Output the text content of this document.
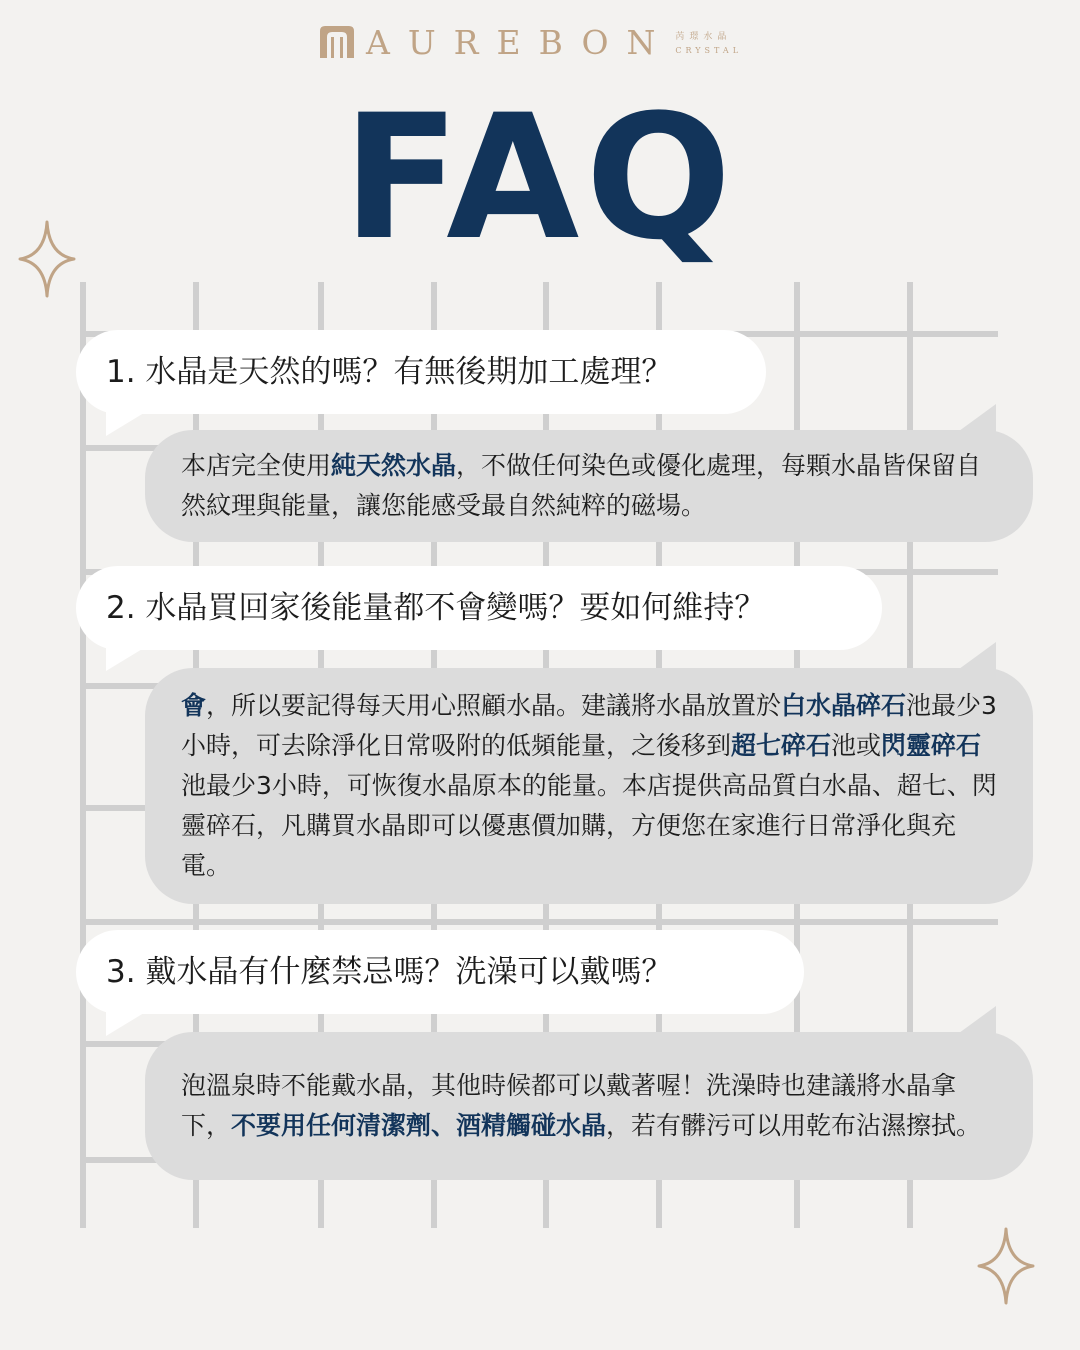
AUREBON 芮璟水晶
CRYSTAL
FAQ
1. 水晶是天然的嗎？有無後期加工處理？

本店完全使用純天然水晶，不做任何染色或優化處理，每顆水晶皆保留自然紋理與能量，讓您能感受最自然純粹的磁場。

2. 水晶買回家後能量都不會變嗎？要如何維持？

會，所以要記得每天用心照顧水晶。建議將水晶放置於白水晶碎石池最少3小時，可去除淨化日常吸附的低頻能量，之後移到超七碎石池或閃靈碎石池最少3小時，可恢復水晶原本的能量。本店提供高品質白水晶、超七、閃靈碎石，凡購買水晶即可以優惠價加購，方便您在家進行日常淨化與充電。

3. 戴水晶有什麼禁忌嗎？洗澡可以戴嗎？

泡溫泉時不能戴水晶，其他時候都可以戴著喔！洗澡時也建議將水晶拿下，不要用任何清潔劑、酒精觸碰水晶，若有髒污可以用乾布沾濕擦拭。
